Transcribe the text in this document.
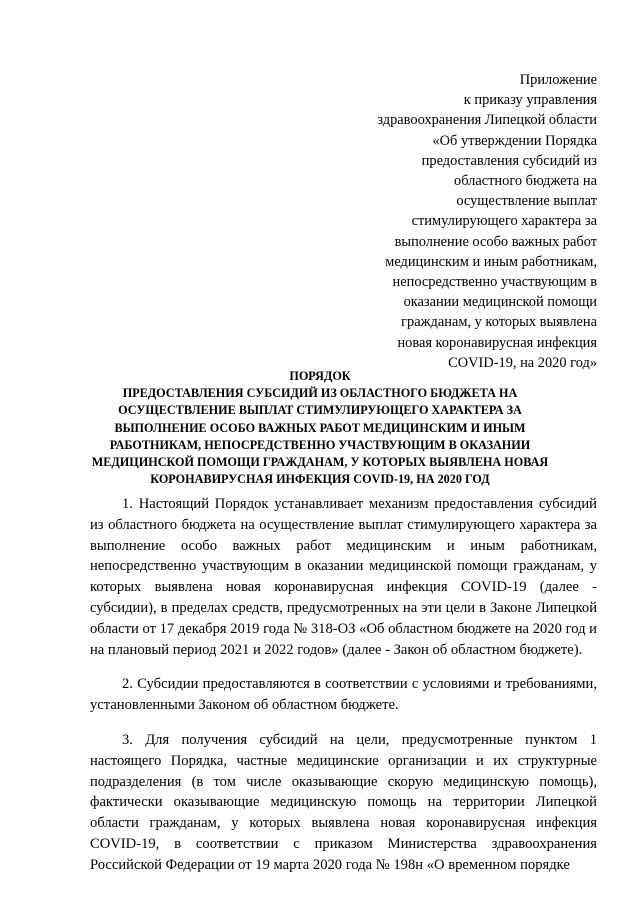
Приложение
к приказу управления
здравоохранения Липецкой области
«Об утверждении Порядка
предоставления субсидий из
областного бюджета на
осуществление выплат
стимулирующего характера за
выполнение особо важных работ
медицинским и иным работникам,
непосредственно участвующим в
оказании медицинской помощи
гражданам, у которых выявлена
новая коронавирусная инфекция
COVID-19, на 2020 год»
ПОРЯДОК
ПРЕДОСТАВЛЕНИЯ СУБСИДИЙ ИЗ ОБЛАСТНОГО БЮДЖЕТА НА
ОСУЩЕСТВЛЕНИЕ ВЫПЛАТ СТИМУЛИРУЮЩЕГО ХАРАКТЕРА ЗА
ВЫПОЛНЕНИЕ ОСОБО ВАЖНЫХ РАБОТ МЕДИЦИНСКИМ И ИНЫМ
РАБОТНИКАМ, НЕПОСРЕДСТВЕННО УЧАСТВУЮЩИМ В ОКАЗАНИИ
МЕДИЦИНСКОЙ ПОМОЩИ ГРАЖДАНАМ, У КОТОРЫХ ВЫЯВЛЕНА НОВАЯ
КОРОНАВИРУСНАЯ ИНФЕКЦИЯ COVID-19, НА 2020 ГОД

1. Настоящий Порядок устанавливает механизм предоставления субсидий из областного бюджета на осуществление выплат стимулирующего характера за выполнение особо важных работ медицинским и иным работникам, непосредственно участвующим в оказании медицинской помощи гражданам, у которых выявлена новая коронавирусная инфекция COVID-19 (далее - субсидии), в пределах средств, предусмотренных на эти цели в Законе Липецкой области от 17 декабря 2019 года № 318-ОЗ «Об областном бюджете на 2020 год и на плановый период 2021 и 2022 годов» (далее - Закон об областном бюджете).

2. Субсидии предоставляются в соответствии с условиями и требованиями, установленными Законом об областном бюджете.

3. Для получения субсидий на цели, предусмотренные пунктом 1 настоящего Порядка, частные медицинские организации и их структурные подразделения (в том числе оказывающие скорую медицинскую помощь), фактически оказывающие медицинскую помощь на территории Липецкой области гражданам, у которых выявлена новая коронавирусная инфекция COVID-19, в соответствии с приказом Министерства здравоохранения Российской Федерации от 19 марта 2020 года № 198н «О временном порядке
